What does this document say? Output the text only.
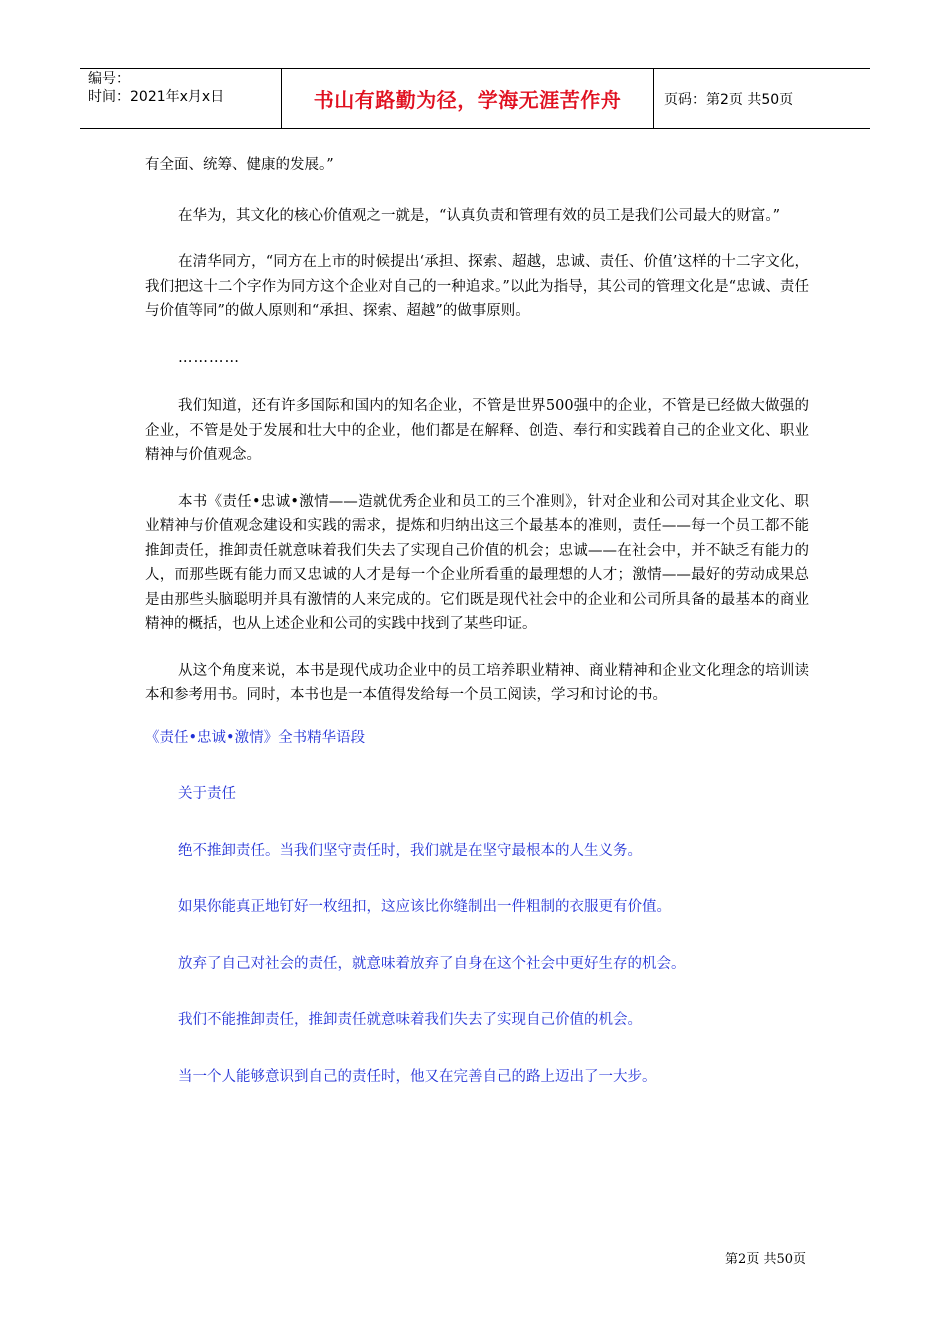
编号：
时间：2021年x月x日	书山有路勤为径，学海无涯苦作舟	页码：第2页 共50页

有全面、统筹、健康的发展。”

在华为，其文化的核心价值观之一就是，“认真负责和管理有效的员工是我们公司最大的财富。”

在清华同方，“同方在上市的时候提出‘承担、探索、超越，忠诚、责任、价值’这样的十二字文化，我们把这十二个字作为同方这个企业对自己的一种追求。”以此为指导，其公司的管理文化是“忠诚、责任与价值等同”的做人原则和“承担、探索、超越”的做事原则。

…………

我们知道，还有许多国际和国内的知名企业，不管是世界500强中的企业，不管是已经做大做强的企业，不管是处于发展和壮大中的企业，他们都是在解释、创造、奉行和实践着自己的企业文化、职业精神与价值观念。

本书《责任•忠诚•激情——造就优秀企业和员工的三个准则》，针对企业和公司对其企业文化、职业精神与价值观念建设和实践的需求，提炼和归纳出这三个最基本的准则，责任——每一个员工都不能推卸责任，推卸责任就意味着我们失去了实现自己价值的机会；忠诚——在社会中，并不缺乏有能力的人，而那些既有能力而又忠诚的人才是每一个企业所看重的最理想的人才；激情——最好的劳动成果总是由那些头脑聪明并具有激情的人来完成的。它们既是现代社会中的企业和公司所具备的最基本的商业精神的概括，也从上述企业和公司的实践中找到了某些印证。

从这个角度来说，本书是现代成功企业中的员工培养职业精神、商业精神和企业文化理念的培训读本和参考用书。同时，本书也是一本值得发给每一个员工阅读，学习和讨论的书。

《责任•忠诚•激情》全书精华语段

关于责任

绝不推卸责任。当我们坚守责任时，我们就是在坚守最根本的人生义务。

如果你能真正地钉好一枚纽扣，这应该比你缝制出一件粗制的衣服更有价值。

放弃了自己对社会的责任，就意味着放弃了自身在这个社会中更好生存的机会。

我们不能推卸责任，推卸责任就意味着我们失去了实现自己价值的机会。

当一个人能够意识到自己的责任时，他又在完善自己的路上迈出了一大步。

第2页 共50页
